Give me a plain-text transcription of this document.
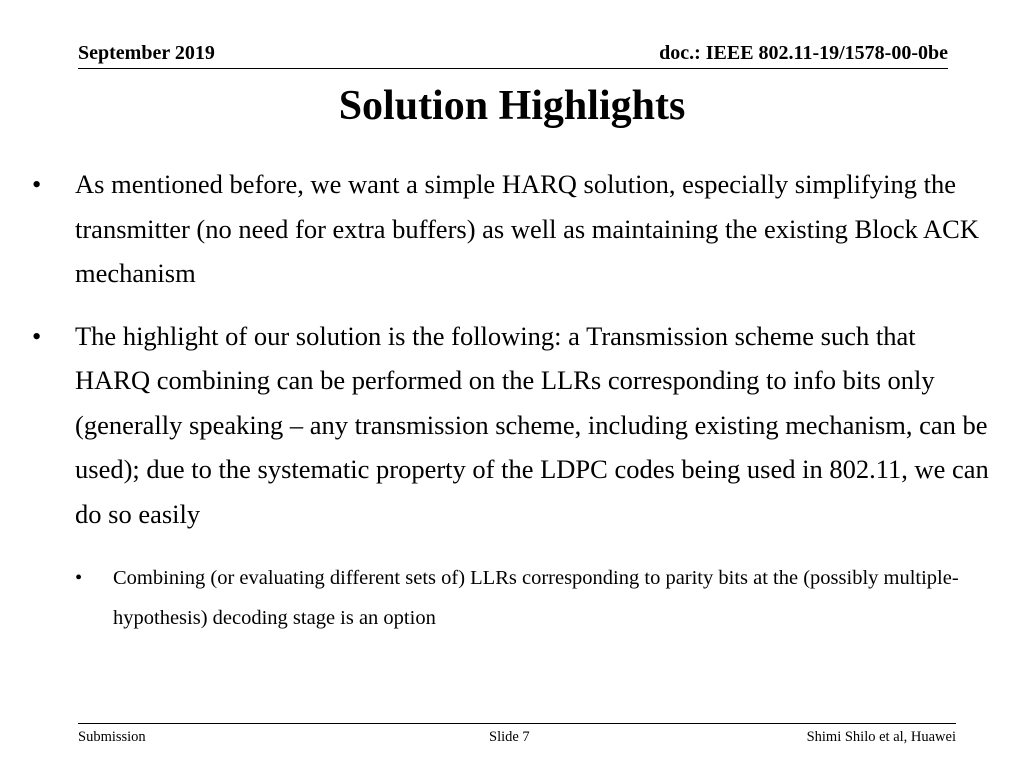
September 2019	doc.: IEEE 802.11-19/1578-00-0be
Solution Highlights
• As mentioned before, we want a simple HARQ solution, especially simplifying the transmitter (no need for extra buffers) as well as maintaining the existing Block ACK mechanism
• The highlight of our solution is the following: a Transmission scheme such that HARQ combining can be performed on the LLRs corresponding to info bits only (generally speaking – any transmission scheme, including existing mechanism, can be used); due to the systematic property of the LDPC codes being used in 802.11, we can do so easily
• Combining (or evaluating different sets of) LLRs corresponding to parity bits at the (possibly multiple-hypothesis) decoding stage is an option
Submission	Slide 7	Shimi Shilo et al, Huawei
